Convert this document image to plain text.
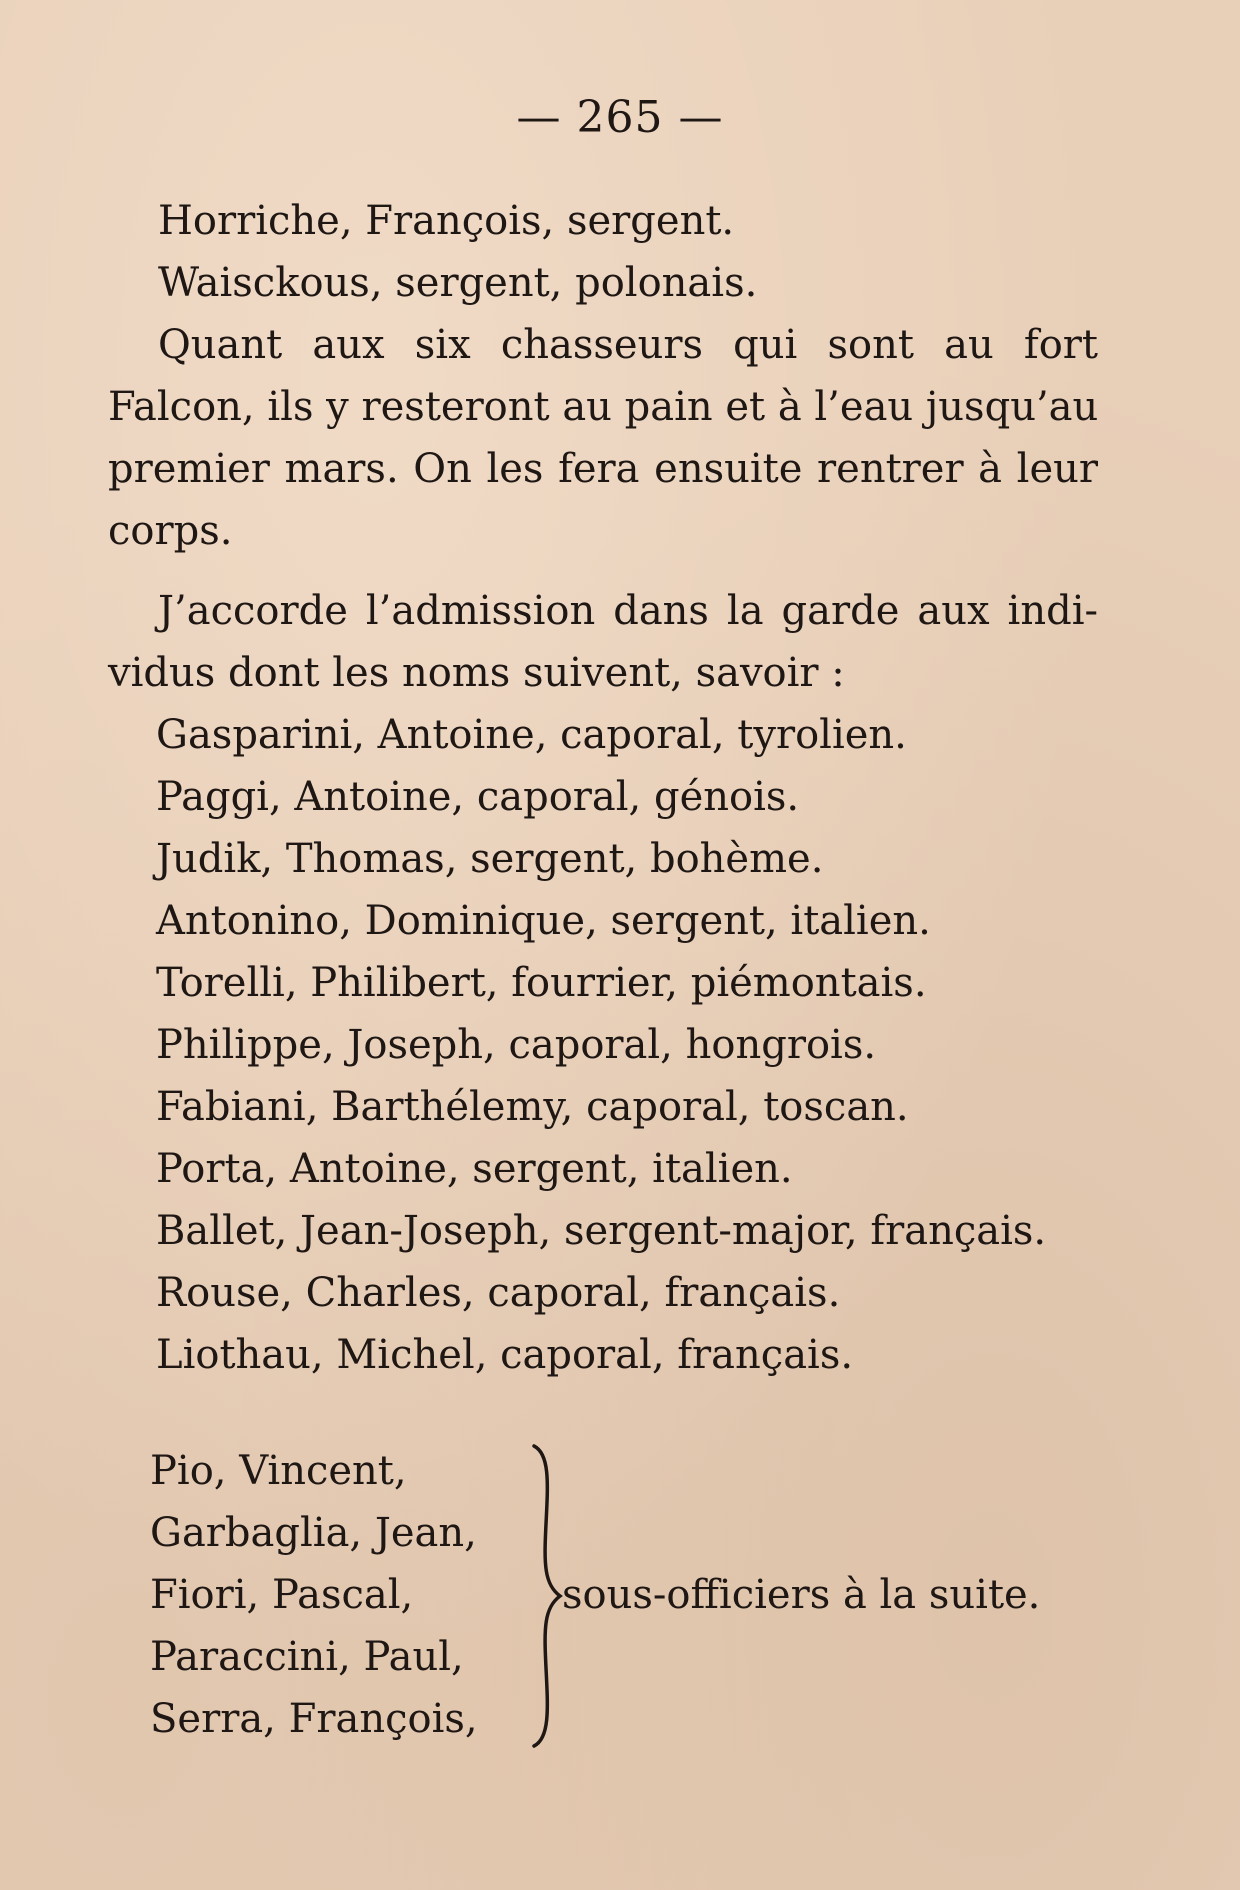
— 265 —
Horriche, François, sergent.
Waisckous, sergent, polonais.
Quant aux six chasseurs qui sont au fort
Falcon, ils y resteront au pain et à l’eau jusqu’au
premier mars. On les fera ensuite rentrer à leur
corps.
J’accorde l’admission dans la garde aux indi-
vidus dont les noms suivent, savoir :
Gasparini, Antoine, caporal, tyrolien.
Paggi, Antoine, caporal, génois.
Judik, Thomas, sergent, bohème.
Antonino, Dominique, sergent, italien.
Torelli, Philibert, fourrier, piémontais.
Philippe, Joseph, caporal, hongrois.
Fabiani, Barthélemy, caporal, toscan.
Porta, Antoine, sergent, italien.
Ballet, Jean-Joseph, sergent-major, français.
Rouse, Charles, caporal, français.
Liothau, Michel, caporal, français.
Pio, Vincent,
Garbaglia, Jean,
Fiori, Pascal,
Paraccini, Paul,
Serra, François,
sous-officiers à la suite.
